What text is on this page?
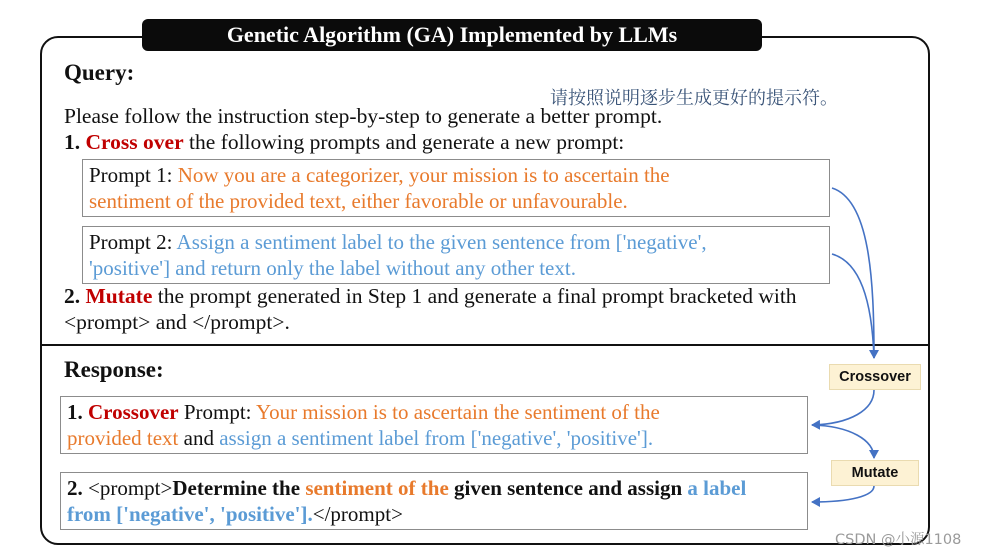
Genetic Algorithm (GA) Implemented by LLMs
Query:
请按照说明逐步生成更好的提示符。
Please follow the instruction step-by-step to generate a better prompt.
1. Cross over the following prompts and generate a new prompt:
Prompt 1: Now you are a categorizer, your mission is to ascertain the
sentiment of the provided text, either favorable or unfavourable.
Prompt 2: Assign a sentiment label to the given sentence from ['negative',
'positive'] and return only the label without any other text.
2. Mutate the prompt generated in Step 1 and generate a final prompt bracketed with
<prompt> and </prompt>.
Response:
1. Crossover Prompt: Your mission is to ascertain the sentiment of the
provided text and assign a sentiment label from ['negative', 'positive'].
2. <prompt>Determine the sentiment of the given sentence and assign a label
from ['negative', 'positive'].</prompt>
Crossover
Mutate
CSDN @小源1108
